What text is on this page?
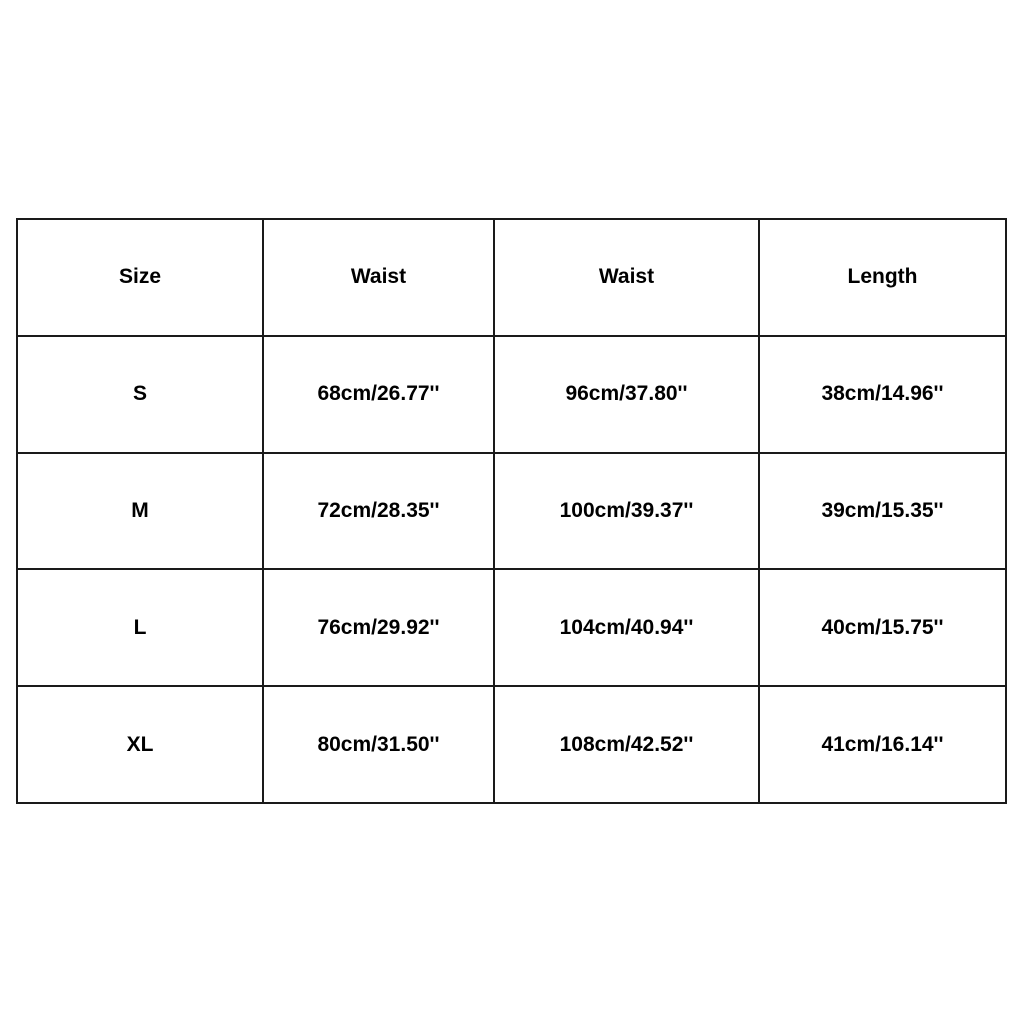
Size	Waist	Waist	Length
S	68cm/26.77''	96cm/37.80''	38cm/14.96''
M	72cm/28.35''	100cm/39.37''	39cm/15.35''
L	76cm/29.92''	104cm/40.94''	40cm/15.75''
XL	80cm/31.50''	108cm/42.52''	41cm/16.14''
